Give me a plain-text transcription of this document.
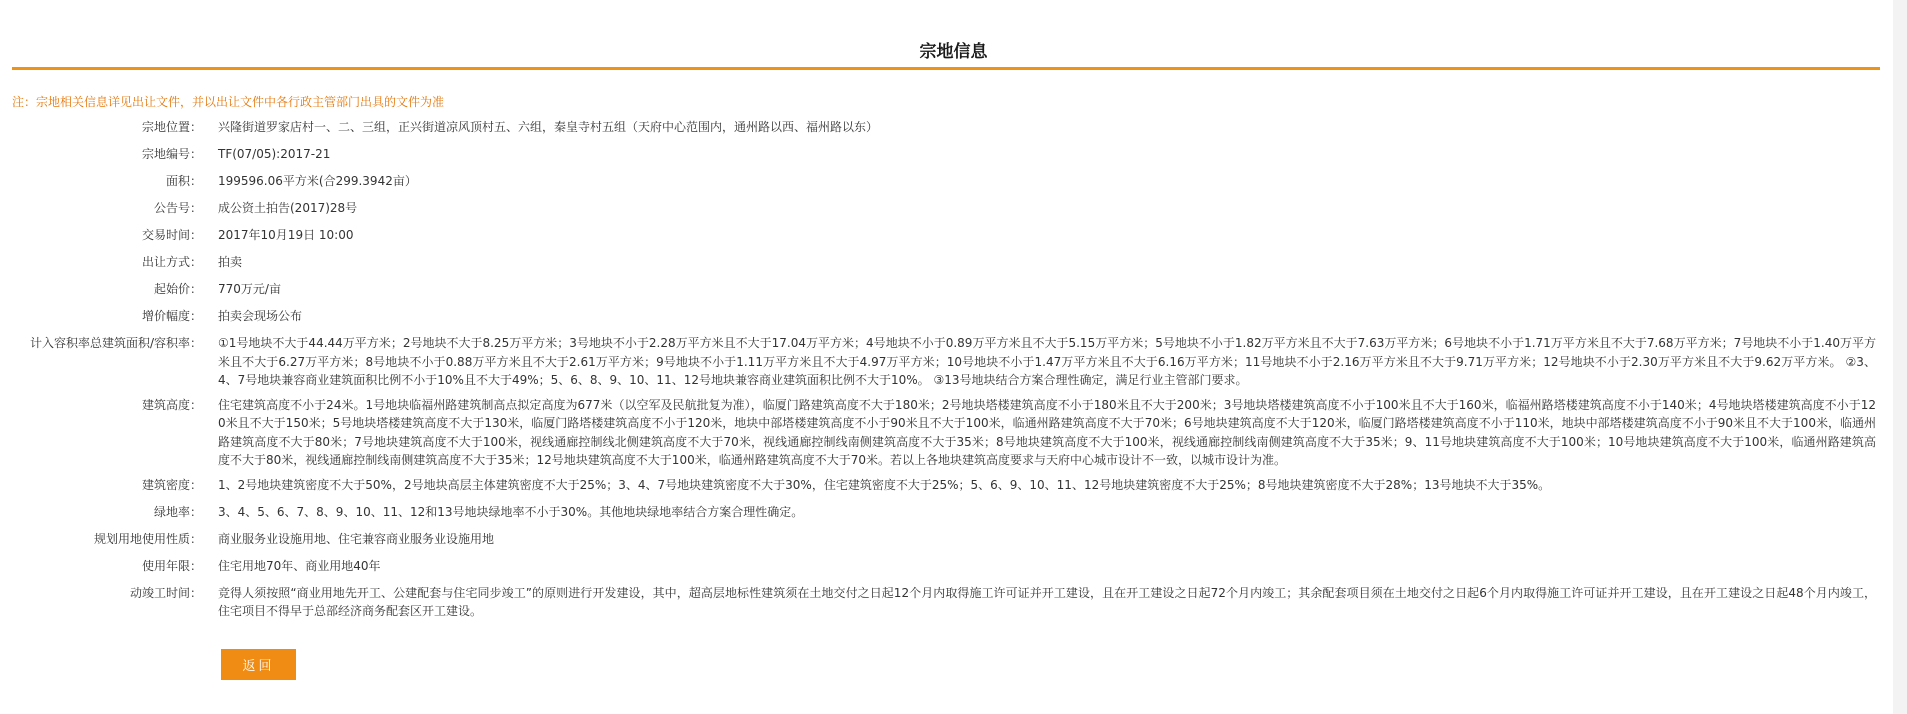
宗地信息
注：宗地相关信息详见出让文件，并以出让文件中各行政主管部门出具的文件为准
宗地位置：	兴隆街道罗家店村一、二、三组，正兴街道凉风顶村五、六组，秦皇寺村五组（天府中心范围内，通州路以西、福州路以东）
宗地编号：	TF(07/05):2017-21
面积：	199596.06平方米(合299.3942亩）
公告号：	成公资土拍告(2017)28号
交易时间：	2017年10月19日 10:00
出让方式：	拍卖
起始价：	770万元/亩
增价幅度：	拍卖会现场公布
计入容积率总建筑面积/容积率：	①1号地块不大于44.44万平方米；2号地块不大于8.25万平方米；3号地块不小于2.28万平方米且不大于17.04万平方米；4号地块不小于0.89万平方米且不大于5.15万平方米；5号地块不小于1.82万平方米且不大于7.63万平方米；6号地块不小于1.71万平方米且不大于7.68万平方米；7号地块不小于1.40万平方米且不大于6.27万平方米；8号地块不小于0.88万平方米且不大于2.61万平方米；9号地块不小于1.11万平方米且不大于4.97万平方米；10号地块不小于1.47万平方米且不大于6.16万平方米；11号地块不小于2.16万平方米且不大于9.71万平方米；12号地块不小于2.30万平方米且不大于9.62万平方米。 ②3、4、7号地块兼容商业建筑面积比例不小于10%且不大于49%；5、6、8、9、10、11、12号地块兼容商业建筑面积比例不大于10%。 ③13号地块结合方案合理性确定，满足行业主管部门要求。
建筑高度：	住宅建筑高度不小于24米。1号地块临福州路建筑制高点拟定高度为677米（以空军及民航批复为准），临厦门路建筑高度不大于180米；2号地块塔楼建筑高度不小于180米且不大于200米；3号地块塔楼建筑高度不小于100米且不大于160米，临福州路塔楼建筑高度不小于140米；4号地块塔楼建筑高度不小于120米且不大于150米；5号地块塔楼建筑高度不大于130米，临厦门路塔楼建筑高度不小于120米，地块中部塔楼建筑高度不小于90米且不大于100米，临通州路建筑高度不大于70米；6号地块建筑高度不大于120米，临厦门路塔楼建筑高度不小于110米，地块中部塔楼建筑高度不小于90米且不大于100米，临通州路建筑高度不大于80米；7号地块建筑高度不大于100米，视线通廊控制线北侧建筑高度不大于70米，视线通廊控制线南侧建筑高度不大于35米；8号地块建筑高度不大于100米，视线通廊控制线南侧建筑高度不大于35米；9、11号地块建筑高度不大于100米；10号地块建筑高度不大于100米，临通州路建筑高度不大于80米，视线通廊控制线南侧建筑高度不大于35米；12号地块建筑高度不大于100米，临通州路建筑高度不大于70米。若以上各地块建筑高度要求与天府中心城市设计不一致，以城市设计为准。
建筑密度：	1、2号地块建筑密度不大于50%，2号地块高层主体建筑密度不大于25%；3、4、7号地块建筑密度不大于30%，住宅建筑密度不大于25%；5、6、9、10、11、12号地块建筑密度不大于25%；8号地块建筑密度不大于28%；13号地块不大于35%。
绿地率：	3、4、5、6、7、8、9、10、11、12和13号地块绿地率不小于30%。其他地块绿地率结合方案合理性确定。
规划用地使用性质：	商业服务业设施用地、住宅兼容商业服务业设施用地
使用年限：	住宅用地70年、商业用地40年
动竣工时间：	竞得人须按照“商业用地先开工、公建配套与住宅同步竣工”的原则进行开发建设，其中，超高层地标性建筑须在土地交付之日起12个月内取得施工许可证并开工建设，且在开工建设之日起72个月内竣工；其余配套项目须在土地交付之日起6个月内取得施工许可证并开工建设，且在开工建设之日起48个月内竣工，住宅项目不得早于总部经济商务配套区开工建设。
返回
